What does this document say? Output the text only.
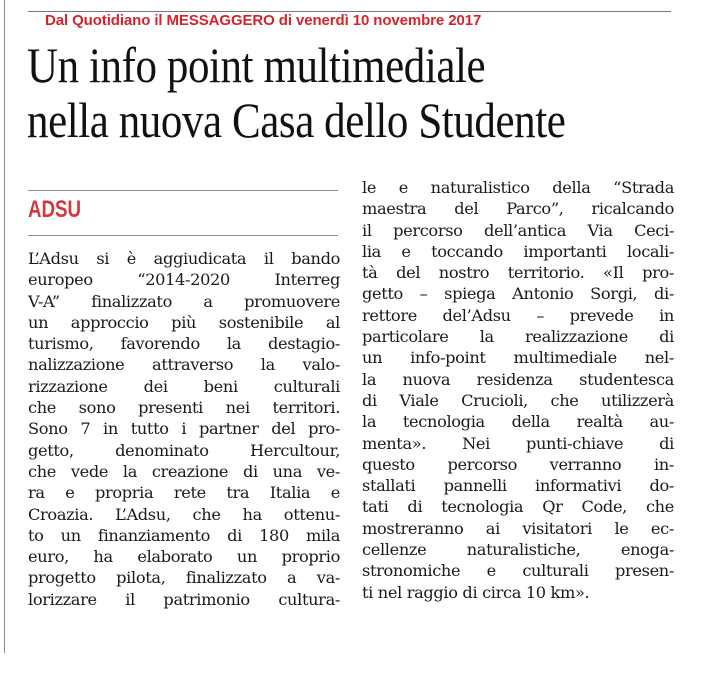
Dal Quotidiano il MESSAGGERO di venerdì 10 novembre 2017
Un info point multimediale
nella nuova Casa dello Studente
ADSU
L’Adsu si è aggiudicata il bando
europeo “2014-2020 Interreg
V-A” finalizzato a promuovere
un approccio più sostenibile al
turismo, favorendo la destagio-
nalizzazione attraverso la valo-
rizzazione dei beni culturali
che sono presenti nei territori.
Sono 7 in tutto i partner del pro-
getto, denominato Hercultour,
che vede la creazione di una ve-
ra e propria rete tra Italia e
Croazia. L’Adsu, che ha ottenu-
to un finanziamento di 180 mila
euro, ha elaborato un proprio
progetto pilota, finalizzato a va-
lorizzare il patrimonio cultura-
le e naturalistico della “Strada
maestra del Parco”, ricalcando
il percorso dell’antica Via Ceci-
lia e toccando importanti locali-
tà del nostro territorio. «Il pro-
getto – spiega Antonio Sorgi, di-
rettore del’Adsu – prevede in
particolare la realizzazione di
un info-point multimediale nel-
la nuova residenza studentesca
di Viale Crucioli, che utilizzerà
la tecnologia della realtà au-
menta». Nei punti-chiave di
questo percorso verranno in-
stallati pannelli informativi do-
tati di tecnologia Qr Code, che
mostreranno ai visitatori le ec-
cellenze naturalistiche, enoga-
stronomiche e culturali presen-
ti nel raggio di circa 10 km».
